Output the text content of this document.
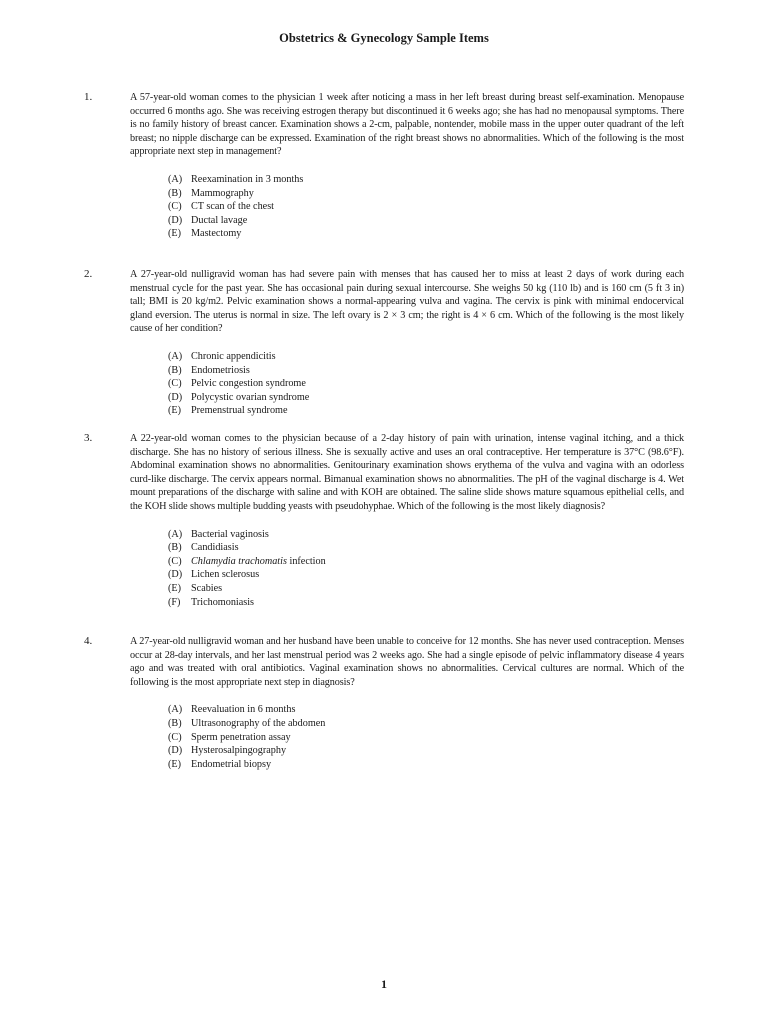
Obstetrics & Gynecology Sample Items
1.	A 57-year-old woman comes to the physician 1 week after noticing a mass in her left breast during breast self-examination. Menopause occurred 6 months ago. She was receiving estrogen therapy but discontinued it 6 weeks ago; she has had no menopausal symptoms. There is no family history of breast cancer. Examination shows a 2-cm, palpable, nontender, mobile mass in the upper outer quadrant of the left breast; no nipple discharge can be expressed. Examination of the right breast shows no abnormalities. Which of the following is the most appropriate next step in management?
(A) Reexamination in 3 months
(B) Mammography
(C) CT scan of the chest
(D) Ductal lavage
(E) Mastectomy
2.	A 27-year-old nulligravid woman has had severe pain with menses that has caused her to miss at least 2 days of work during each menstrual cycle for the past year. She has occasional pain during sexual intercourse. She weighs 50 kg (110 lb) and is 160 cm (5 ft 3 in) tall; BMI is 20 kg/m2. Pelvic examination shows a normal-appearing vulva and vagina. The cervix is pink with minimal endocervical gland eversion. The uterus is normal in size. The left ovary is 2 × 3 cm; the right is 4 × 6 cm. Which of the following is the most likely cause of her condition?
(A) Chronic appendicitis
(B) Endometriosis
(C) Pelvic congestion syndrome
(D) Polycystic ovarian syndrome
(E) Premenstrual syndrome
3.	A 22-year-old woman comes to the physician because of a 2-day history of pain with urination, intense vaginal itching, and a thick discharge. She has no history of serious illness. She is sexually active and uses an oral contraceptive. Her temperature is 37°C (98.6°F). Abdominal examination shows no abnormalities. Genitourinary examination shows erythema of the vulva and vagina with an odorless curd-like discharge. The cervix appears normal. Bimanual examination shows no abnormalities. The pH of the vaginal discharge is 4. Wet mount preparations of the discharge with saline and with KOH are obtained. The saline slide shows mature squamous epithelial cells, and the KOH slide shows multiple budding yeasts with pseudohyphae. Which of the following is the most likely diagnosis?
(A) Bacterial vaginosis
(B) Candidiasis
(C) Chlamydia trachomatis infection
(D) Lichen sclerosus
(E) Scabies
(F)	Trichomoniasis
4.	A 27-year-old nulligravid woman and her husband have been unable to conceive for 12 months. She has never used contraception. Menses occur at 28-day intervals, and her last menstrual period was 2 weeks ago. She had a single episode of pelvic inflammatory disease 4 years ago and was treated with oral antibiotics. Vaginal examination shows no abnormalities. Cervical cultures are normal. Which of the following is the most appropriate next step in diagnosis?
(A) Reevaluation in 6 months
(B) Ultrasonography of the abdomen
(C) Sperm penetration assay
(D) Hysterosalpingography
(E) Endometrial biopsy
1
